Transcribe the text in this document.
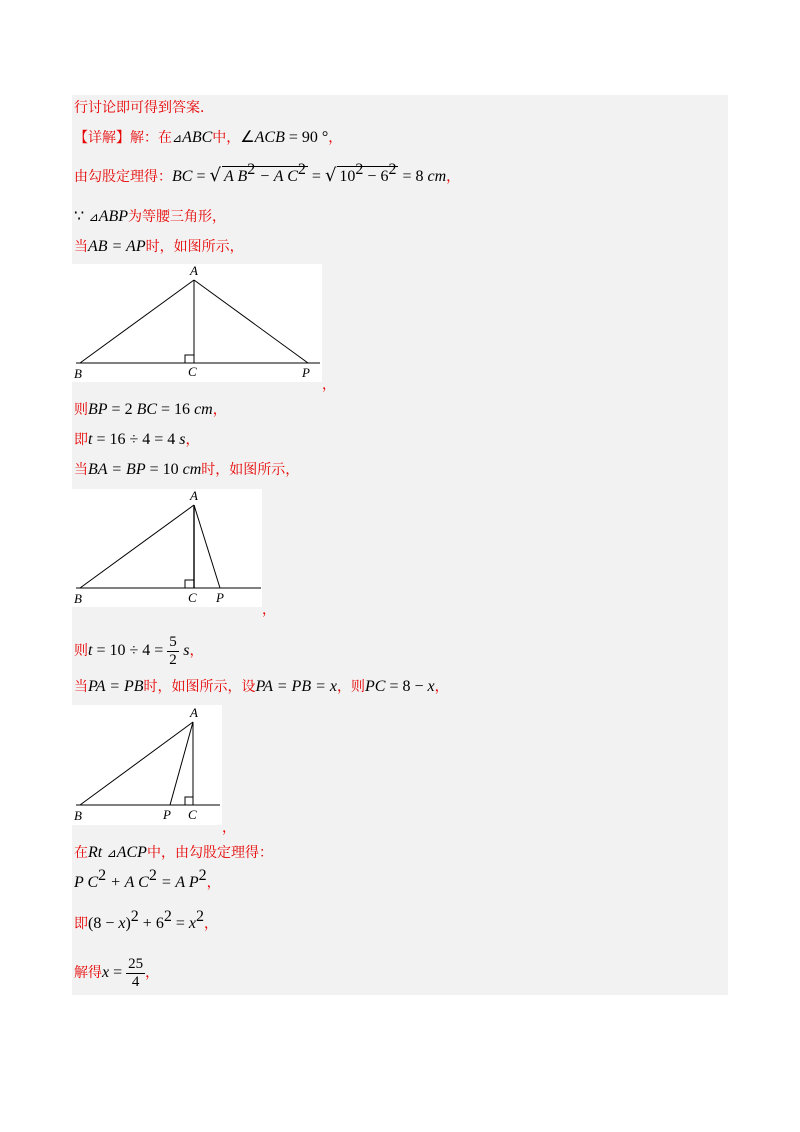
行讨论即可得到答案．
【详解】解：在⊿ABC中，∠ACB = 90 °，
由勾股定理得：BC = √ A $B^2 - A$ $C^2$ = √ $10^2 - 6^2 = 8$ cm，
∵ ⊿ABP为等腰三角形，
当AB = AP时，如图所示，
A
B	C	P
，
则BP = 2 BC = 16 cm，
即t = 16 ÷ 4 = 4 s，
当BA = BP = 10 cm时，如图所示，
A
B	C P
，
则$t = 10 \div 4 = \frac{5}{2}$ s，
当PA = PB时，如图所示，设PA = PB = x，则PC = 8 − x，
A
B	C
P
，
在Rt ⊿ACP中，由勾股定理得：
P $C^2 + A$ $C^2 = A$ $P^2$，
即$(8 - x)^2 + 6^2 = x^2$，
解得$x = \frac{25}{4}$ ，
